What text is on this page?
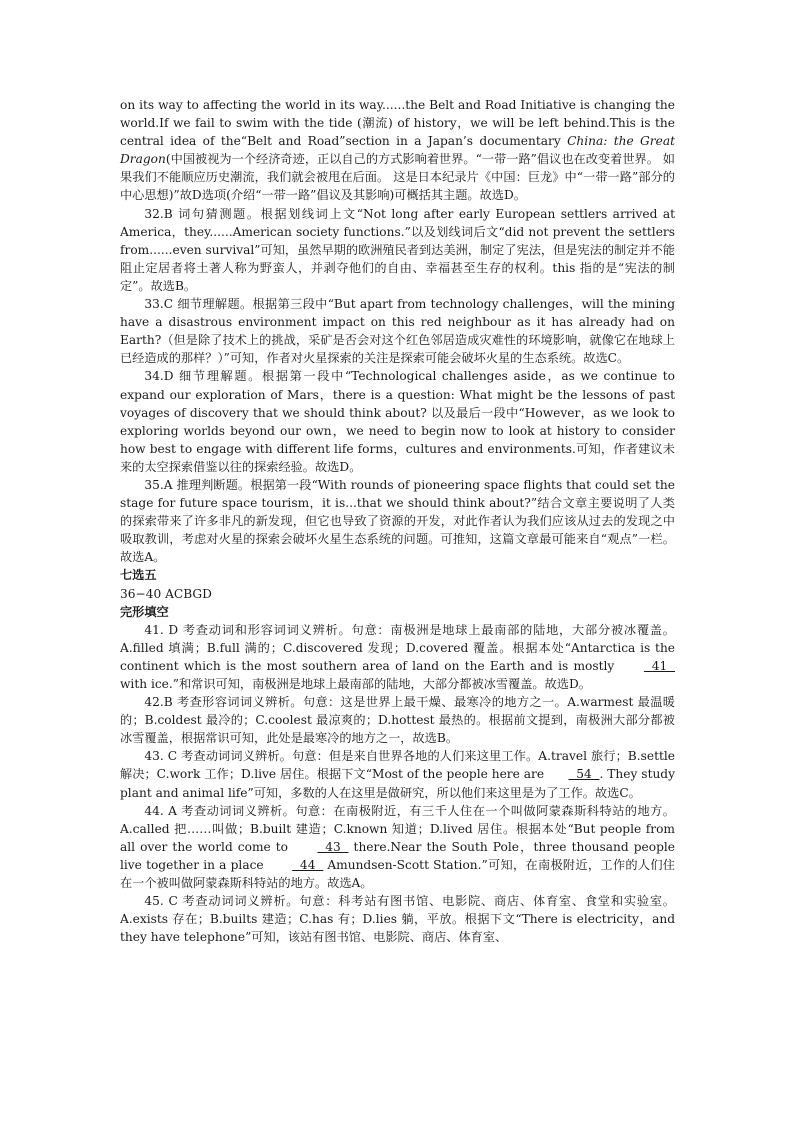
on its way to affecting the world in its way......the Belt and Road Initiative is changing the world.If we fail to swim with the tide (潮流) of history，we will be left behind.This is the central idea of the“Belt and Road”section in a Japan’s documentary China: the Great Dragon(中国被视为一个经济奇迹，正以自己的方式影响着世界。“一带一路”倡议也在改变着世界。 如果我们不能顺应历史潮流，我们就会被甩在后面。 这是日本纪录片《中国：巨龙》中“一带一路”部分的中心思想)”故D选项(介绍“一带一路”倡议及其影响)可概括其主题。故选D。

32.B 词句猜测题。根据划线词上文“Not long after early European settlers arrived at America，they......American society functions.”以及划线词后文“did not prevent the settlers from......even survival”可知，虽然早期的欧洲殖民者到达美洲，制定了宪法，但是宪法的制定并不能阻止定居者将土著人称为野蛮人，并剥夺他们的自由、幸福甚至生存的权利。this 指的是“宪法的制定”。故选B。

33.C 细节理解题。根据第三段中“But apart from technology challenges，will the mining have a disastrous environment impact on this red neighbour as it has already had on Earth?（但是除了技术上的挑战，采矿是否会对这个红色邻居造成灾难性的环境影响，就像它在地球上已经造成的那样？）”可知，作者对火星探索的关注是探索可能会破坏火星的生态系统。故选C。

34.D 细节理解题。根据第一段中“Technological challenges aside，as we continue to expand our exploration of Mars，there is a question: What might be the lessons of past voyages of discovery that we should think about? 以及最后一段中“However，as we look to exploring worlds beyond our own，we need to begin now to look at history to consider how best to engage with different life forms，cultures and environments.可知，作者建议未来的太空探索借鉴以往的探索经验。故选D。

35.A 推理判断题。根据第一段“With rounds of pioneering space flights that could set the stage for future space tourism，it is...that we should think about?”结合文章主要说明了人类的探索带来了许多非凡的新发现，但它也导致了资源的开发，对此作者认为我们应该从过去的发现之中吸取教训，考虑对火星的探索会破坏火星生态系统的问题。可推知，这篇文章最可能来自“观点”一栏。故选A。

七选五

36−40 ACBGD

完形填空

41. D 考查动词和形容词词义辨析。句意：南极洲是地球上最南部的陆地，大部分被冰覆盖。A.filled 填满；B.full 满的；C.discovered 发现；D.covered 覆盖。根据本处“Antarctica is the continent which is the most southern area of land on the Earth and is mostly   41   with ice.”和常识可知，南极洲是地球上最南部的陆地，大部分都被冰雪覆盖。故选D。

42.B 考查形容词词义辨析。句意：这是世界上最干燥、最寒冷的地方之一。A.warmest 最温暖的；B.coldest 最冷的；C.coolest 最凉爽的；D.hottest 最热的。根据前文提到，南极洲大部分都被冰雪覆盖，根据常识可知，此处是最寒冷的地方之一，故选B。

43. C 考查动词词义辨析。句意：但是来自世界各地的人们来这里工作。A.travel 旅行；B.settle 解决；C.work 工作；D.live 居住。根据下文“Most of the people here are  54  . They study plant and animal life”可知，多数的人在这里是做研究，所以他们来这里是为了工作。故选C。

44. A 考查动词词义辨析。句意：在南极附近，有三千人住在一个叫做阿蒙森斯科特站的地方。A.called 把……叫做；B.built 建造；C.known 知道；D.lived 居住。根据本处“But people from all over the world come to   43   there.Near the South Pole，three thousand people live together in a place   44   Amundsen-Scott Station.”可知，在南极附近，工作的人们住在一个被叫做阿蒙森斯科特站的地方。故选A。

45. C 考查动词词义辨析。句意：科考站有图书馆、电影院、商店、体育室、食堂和实验室。A.exists 存在；B.builts 建造；C.has 有；D.lies 躺，平放。根据下文“There is electricity，and they have telephone”可知，该站有图书馆、电影院、商店、体育室、
